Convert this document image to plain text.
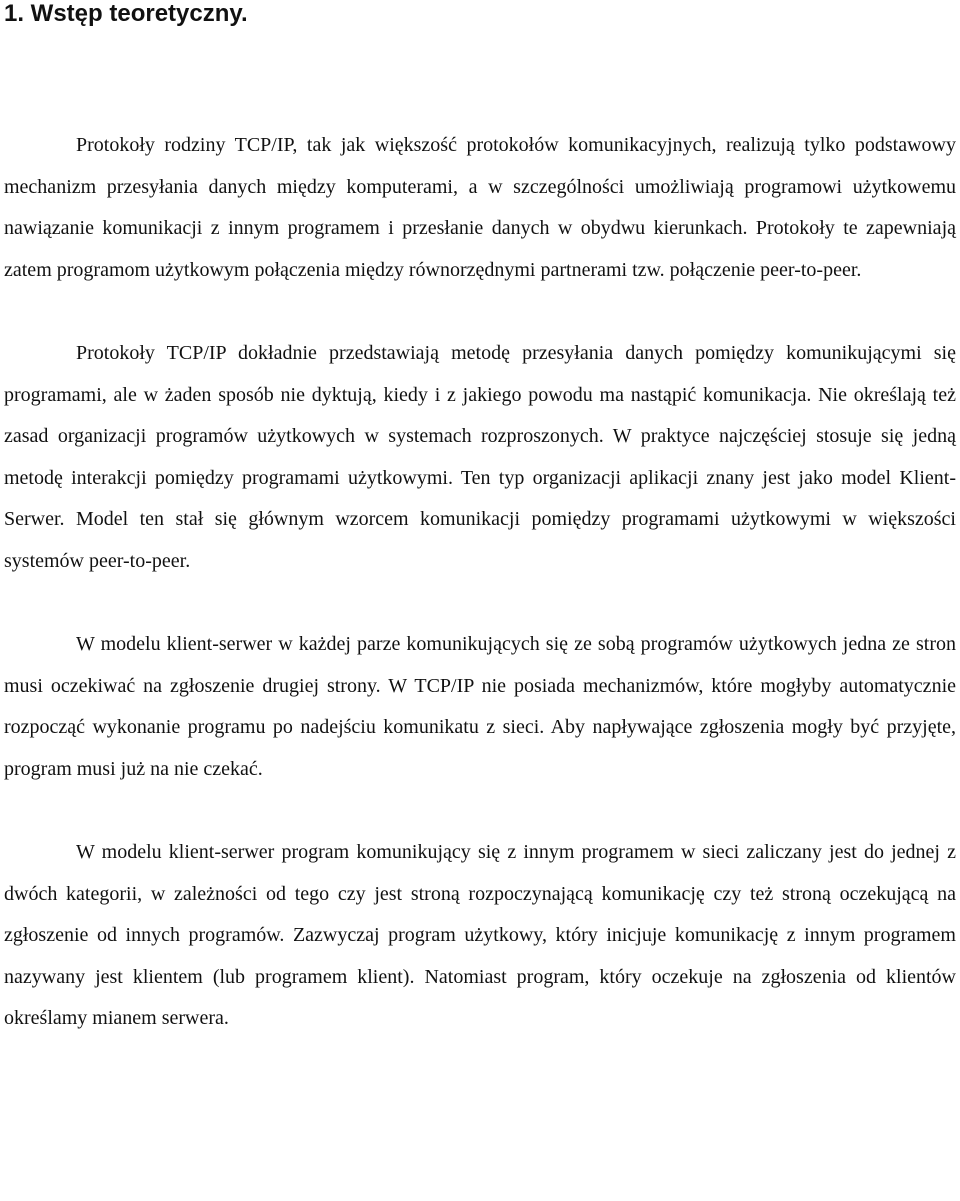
1. Wstęp teoretyczny.

Protokoły rodziny TCP/IP, tak jak większość protokołów komunikacyjnych, realizują tylko podstawowy mechanizm przesyłania danych między komputerami, a w szczególności umożliwiają programowi użytkowemu nawiązanie komunikacji z innym programem i przesłanie danych w obydwu kierunkach. Protokoły te zapewniają zatem programom użytkowym połączenia między równorzędnymi partnerami tzw. połączenie peer-to-peer.

Protokoły TCP/IP dokładnie przedstawiają metodę przesyłania danych pomiędzy komunikującymi się programami, ale w żaden sposób nie dyktują, kiedy i z jakiego powodu ma nastąpić komunikacja. Nie określają też zasad organizacji programów użytkowych w systemach rozproszonych. W praktyce najczęściej stosuje się jedną metodę interakcji pomiędzy programami użytkowymi. Ten typ organizacji aplikacji znany jest jako model Klient-Serwer. Model ten stał się głównym wzorcem komunikacji pomiędzy programami użytkowymi w większości systemów peer-to-peer.

W modelu klient-serwer w każdej parze komunikujących się ze sobą programów użytkowych jedna ze stron musi oczekiwać na zgłoszenie drugiej strony. W TCP/IP nie posiada mechanizmów, które mogłyby automatycznie rozpocząć wykonanie programu po nadejściu komunikatu z sieci. Aby napływające zgłoszenia mogły być przyjęte, program musi już na nie czekać.

W modelu klient-serwer program komunikujący się z innym programem w sieci zaliczany jest do jednej z dwóch kategorii, w zależności od tego czy jest stroną rozpoczynającą komunikację czy też stroną oczekującą na zgłoszenie od innych programów. Zazwyczaj program użytkowy, który inicjuje komunikację z innym programem nazywany jest klientem (lub programem klient). Natomiast program, który oczekuje na zgłoszenia od klientów określamy mianem serwera.
